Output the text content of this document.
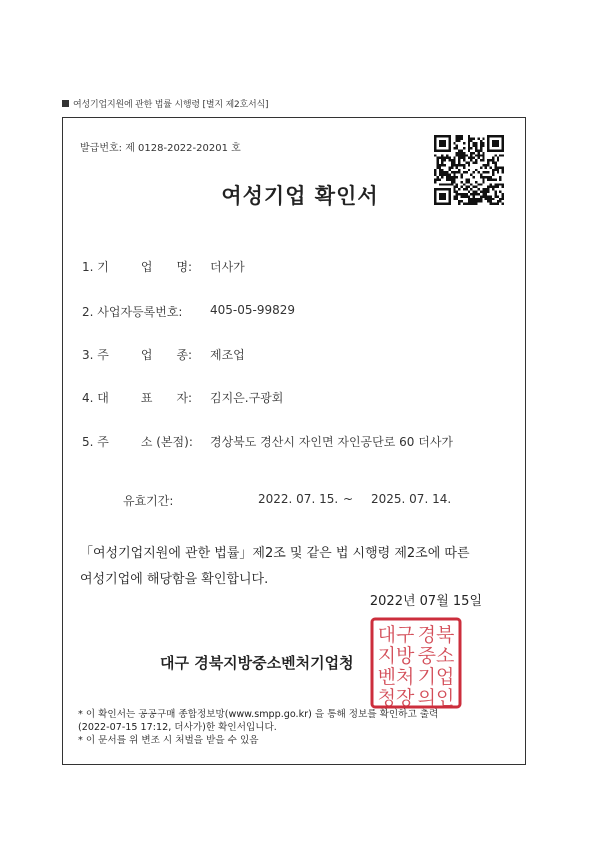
여성기업지원에 관한 법률 시행령 [별지 제2호서식]
발급번호: 제 0128-2022-20201 호
여성기업 확인서
1. 기	업 명: 더사가
2. 사업자등록번호: 405-05-99829
3. 주	업 종: 제조업
4. 대	표 자: 김지은.구광회
5. 주	소 (본점): 경상북도 경산시 자인면 자인공단로 60 더사가
유효기간:	2022. 07. 15. ~ 2025. 07. 14.
「여성기업지원에 관한 법률」제2조 및 같은 법 시행령 제2조에 따른
여성기업에 해당함을 확인합니다.
2022년 07월 15일
대구 경북지방중소벤처기업청
대구 경북
지방 중소
벤처 기업
청장 의인
* 이 확인서는 공공구매 종합정보망(www.smpp.go.kr) 을 통해 정보를 확인하고 출력
(2022-07-15 17:12, 더사가)한 확인서입니다.
* 이 문서를 위 변조 시 처벌을 받을 수 있음
